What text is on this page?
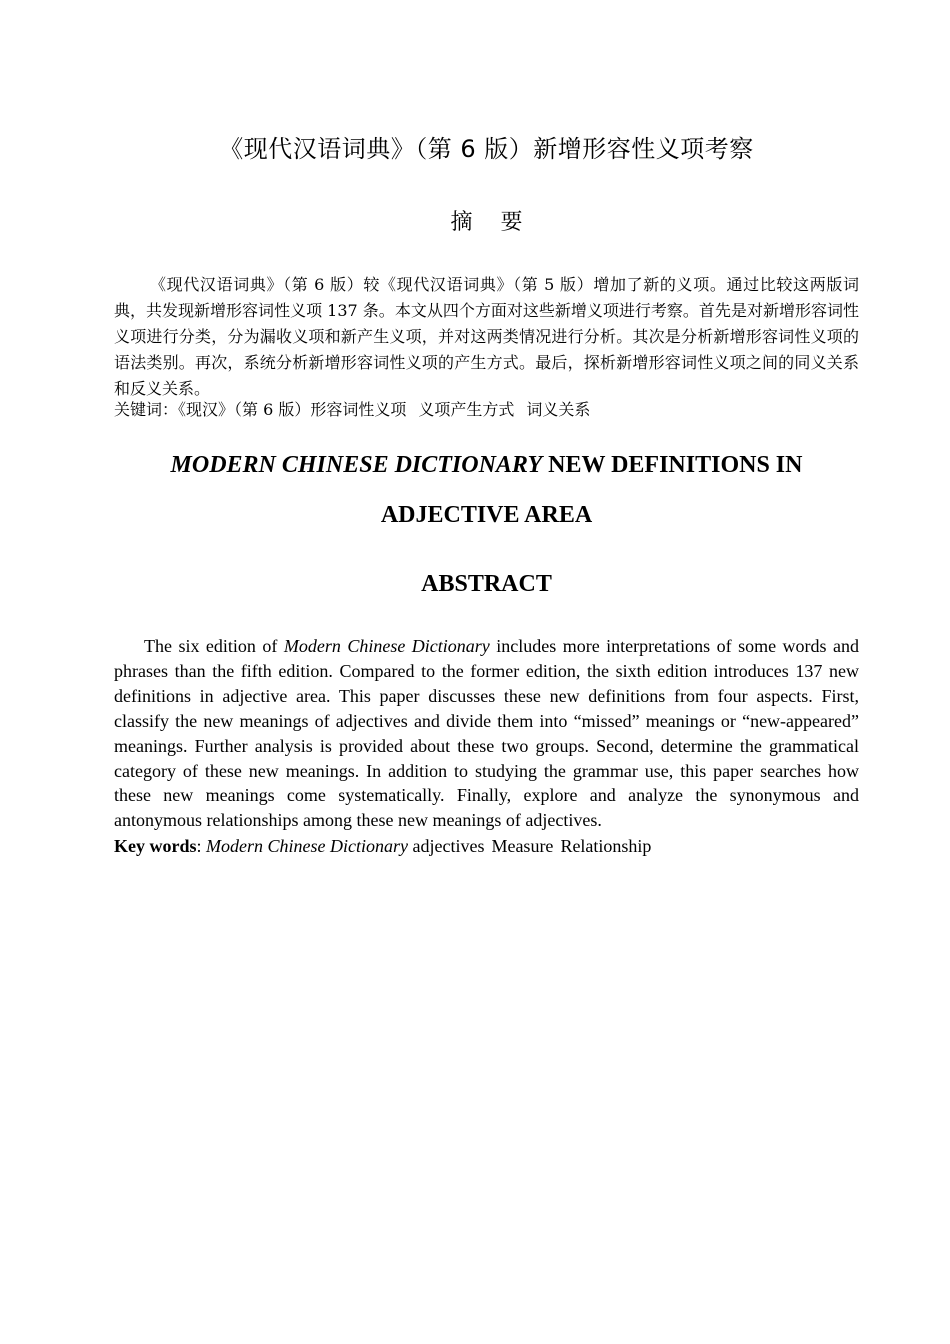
《现代汉语词典》（第 6 版）新增形容性义项考察
摘要

《现代汉语词典》（第 6 版）较《现代汉语词典》（第 5 版）增加了新的义项。通过比较这两版词典，共发现新增形容词性义项 137 条。本文从四个方面对这些新增义项进行考察。首先是对新增形容词性义项进行分类，分为漏收义项和新产生义项，并对这两类情况进行分析。其次是分析新增形容词性义项的语法类别。再次，系统分析新增形容词性义项的产生方式。最后，探析新增形容词性义项之间的同义关系和反义关系。

关键词：《现汉》（第 6 版）形容词性义项 义项产生方式 词义关系

MODERN CHINESE DICTIONARY NEW DEFINITIONS IN ADJECTIVE AREA
ABSTRACT

The six edition of Modern Chinese Dictionary includes more interpretations of some words and phrases than the fifth edition. Compared to the former edition, the sixth edition introduces 137 new definitions in adjective area. This paper discusses these new definitions from four aspects. First, classify the new meanings of adjectives and divide them into “missed” meanings or “new-appeared” meanings. Further analysis is provided about these two groups. Second, determine the grammatical category of these new meanings. In addition to studying the grammar use, this paper searches how these new meanings come systematically. Finally, explore and analyze the synonymous and antonymous relationships among these new meanings of adjectives.

Key words: Modern Chinese Dictionary adjectives Measure Relationship
